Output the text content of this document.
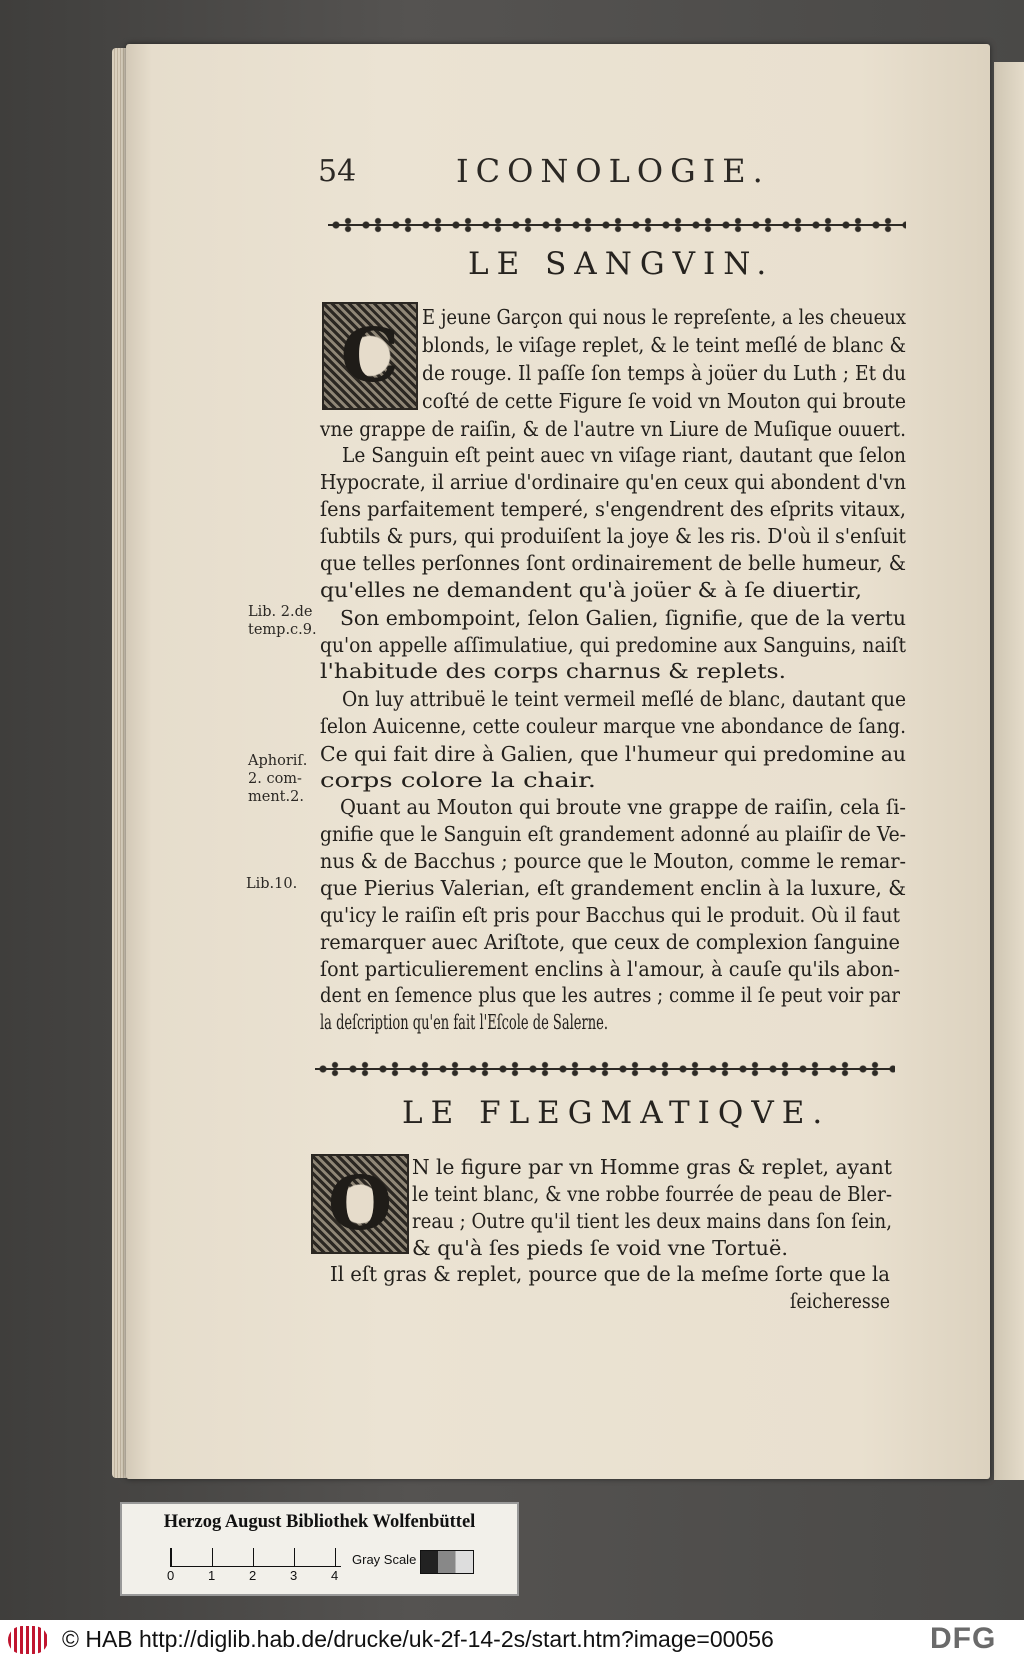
54	ICONOLOGIE.
LE SANGVIN.
C E jeune Garçon qui nous le repreſente, a les cheueux
blonds, le viſage replet, & le teint meſlé de blanc &
de rouge. Il paſſe ſon temps à joüer du Luth ; Et du
coſté de cette Figure ſe void vn Mouton qui broute
vne grappe de raiſin, & de l'autre vn Liure de Muſique ouuert.
Le Sanguin eſt peint auec vn viſage riant, dautant que ſelon
Hypocrate, il arriue d'ordinaire qu'en ceux qui abondent d'vn
ſens parfaitement temperé, s'engendrent des eſprits vitaux,
ſubtils & purs, qui produiſent la joye & les ris. D'où il s'enſuit
que telles perſonnes ſont ordinairement de belle humeur, &
qu'elles ne demandent qu'à joüer & à ſe diuertir,
Son embompoint, ſelon Galien, ſignifie, que de la vertu
qu'on appelle aſſimulatiue, qui predomine aux Sanguins, naiſt
l'habitude des corps charnus & replets.
On luy attribuë le teint vermeil meſlé de blanc, dautant que
ſelon Auicenne, cette couleur marque vne abondance de ſang.
Ce qui fait dire à Galien, que l'humeur qui predomine au
corps colore la chair.
Quant au Mouton qui broute vne grappe de raiſin, cela ſi-
gnifie que le Sanguin eſt grandement adonné au plaiſir de Ve-
nus & de Bacchus ; pource que le Mouton, comme le remar-
que Pierius Valerian, eſt grandement enclin à la luxure, &
qu'icy le raiſin eſt pris pour Bacchus qui le produit. Où il faut
remarquer auec Ariſtote, que ceux de complexion ſanguine
ſont particulierement enclins à l'amour, à cauſe qu'ils abon-
dent en ſemence plus que les autres ; comme il ſe peut voir par
la deſcription qu'en fait l'Eſcole de Salerne.
Lib. 2.de
temp.c.9.
Aphoriſ.
2. com-
ment.2.
Lib.10.
LE FLEGMATIQVE.
O N le figure par vn Homme gras & replet, ayant
le teint blanc, & vne robbe fourrée de peau de Bler-
reau ; Outre qu'il tient les deux mains dans ſon ſein,
& qu'à ſes pieds ſe void vne Tortuë.
Il eſt gras & replet, pource que de la meſme ſorte que la
ſeicheresse
Herzog August Bibliothek Wolfenbüttel
0	1	2	3	4
Gray Scale
© HAB http://diglib.hab.de/drucke/uk-2f-14-2s/start.htm?image=00056	DFG
